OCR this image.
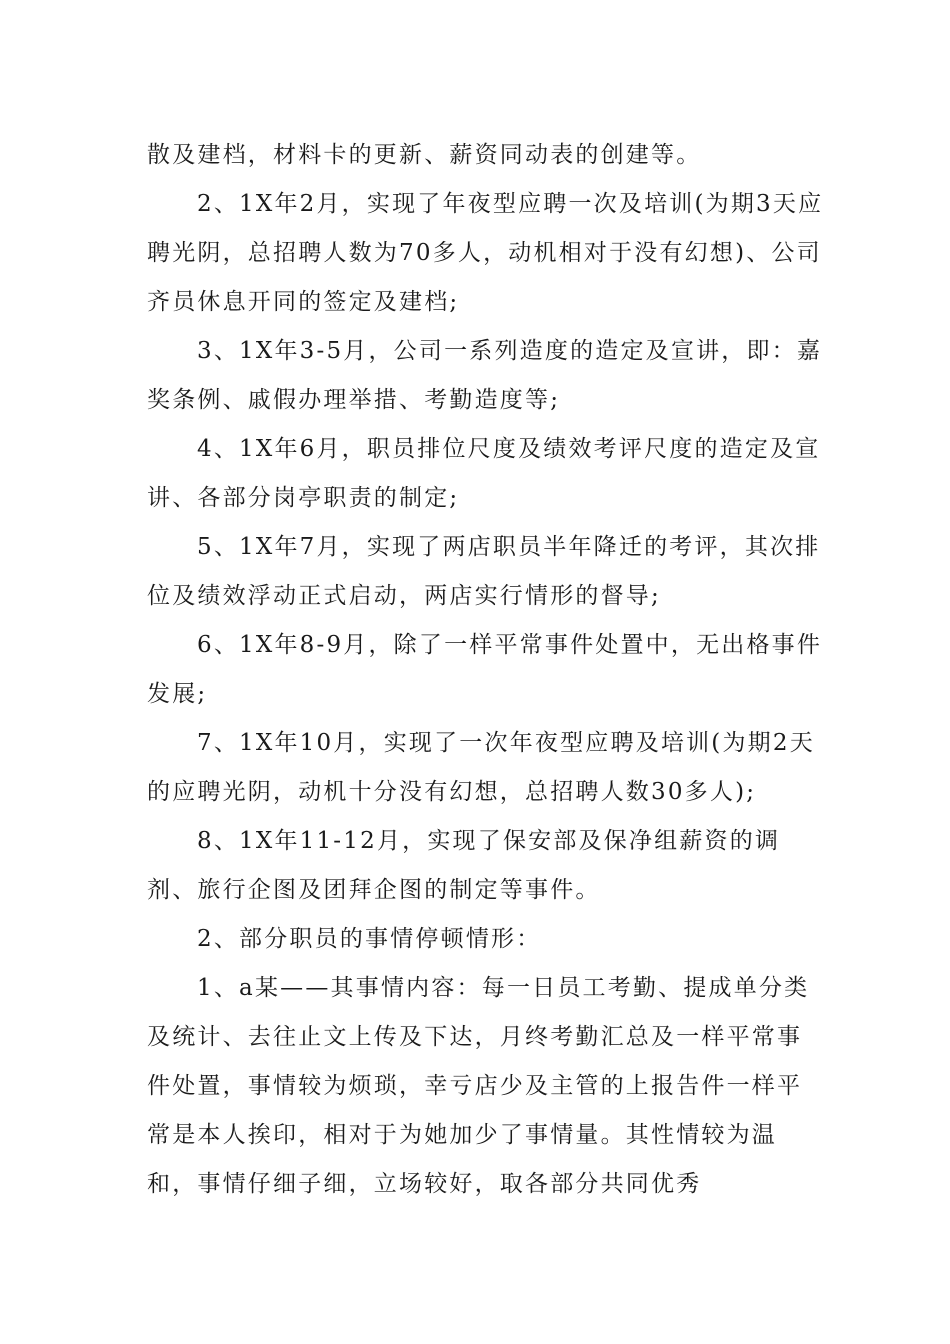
散及建档，材料卡的更新、薪资同动表的创建等。

2、1X年2月，实现了年夜型应聘一次及培训(为期3天应聘光阴，总招聘人数为70多人，动机相对于没有幻想)、公司齐员休息开同的签定及建档;

3、1X年3-5月，公司一系列造度的造定及宣讲，即：嘉奖条例、戚假办理举措、考勤造度等;

4、1X年6月，职员排位尺度及绩效考评尺度的造定及宣讲、各部分岗亭职责的制定;

5、1X年7月，实现了两店职员半年降迁的考评，其次排位及绩效浮动正式启动，两店实行情形的督导;

6、1X年8-9月，除了一样平常事件处置中，无出格事件发展;

7、1X年10月，实现了一次年夜型应聘及培训(为期2天的应聘光阴，动机十分没有幻想，总招聘人数30多人);

8、1X年11-12月，实现了保安部及保净组薪资的调剂、旅行企图及团拜企图的制定等事件。

2、部分职员的事情停顿情形：

1、a某——其事情内容：每一日员工考勤、提成单分类及统计、去往止文上传及下达，月终考勤汇总及一样平常事件处置，事情较为烦琐，幸亏店少及主管的上报告件一样平常是本人挨印，相对于为她加少了事情量。其性情较为温和，事情仔细子细，立场较好，取各部分共同优秀
